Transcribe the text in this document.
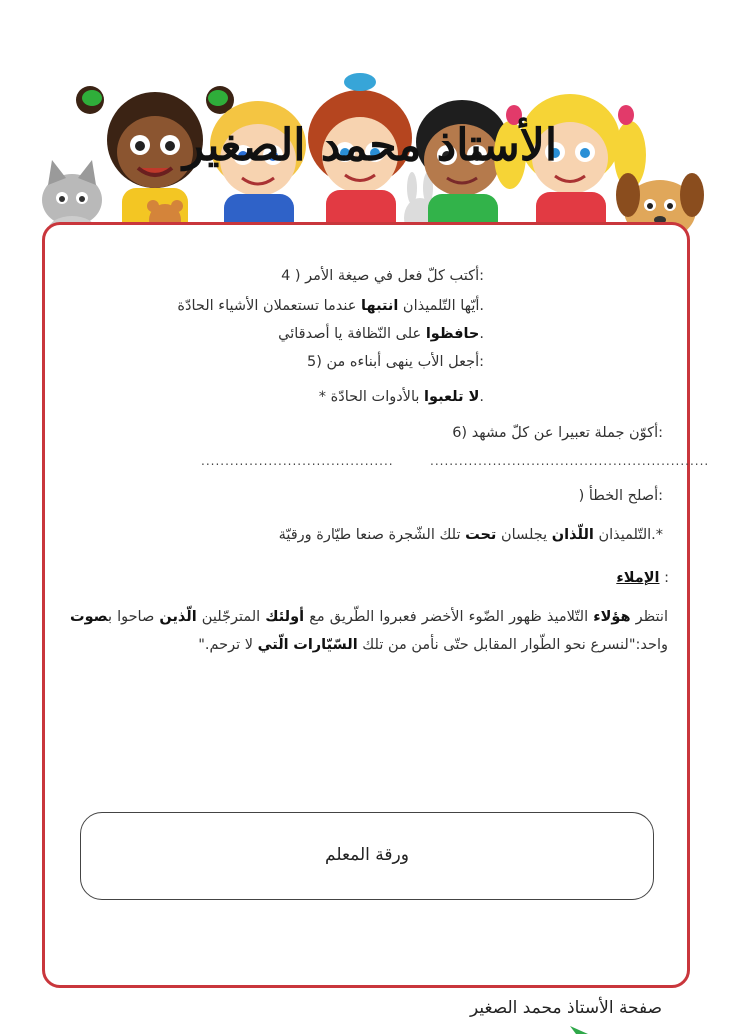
الأستاذ محمد الصغير
4 ) أكتب كلّ فعل في صيغة الأمر:
أيّها التّلميذان انتبها عندما تستعملان الأشياء الحادّة.
حافظوا على النّظافة يا أصدقائي.
5) أجعل الأب ينهى أبناءه من:
*	لا تلعبوا بالأدوات الحادّة.
6) أكوّن جملة تعبيرا عن كلّ مشهد:
..........................................................
........................................
) أصلح الخطأ:
التّلميذان اللّذان يجلسان تحت تلك الشّجرة صنعا طيّارة ورقيّة.*
الإملاء :
انتظر هؤلاء التّلاميذ ظهور الضّوء الأخضر فعبروا الطّريق مع أولئك المترجّلين الّذين صاحوا بصوت واحد:"لنسرع نحو الطّوار المقابل حتّى نأمن من تلك السّيّارات الّتي لا ترحم."
ورقة المعلم
صفحة الأستاذ محمد الصغير
